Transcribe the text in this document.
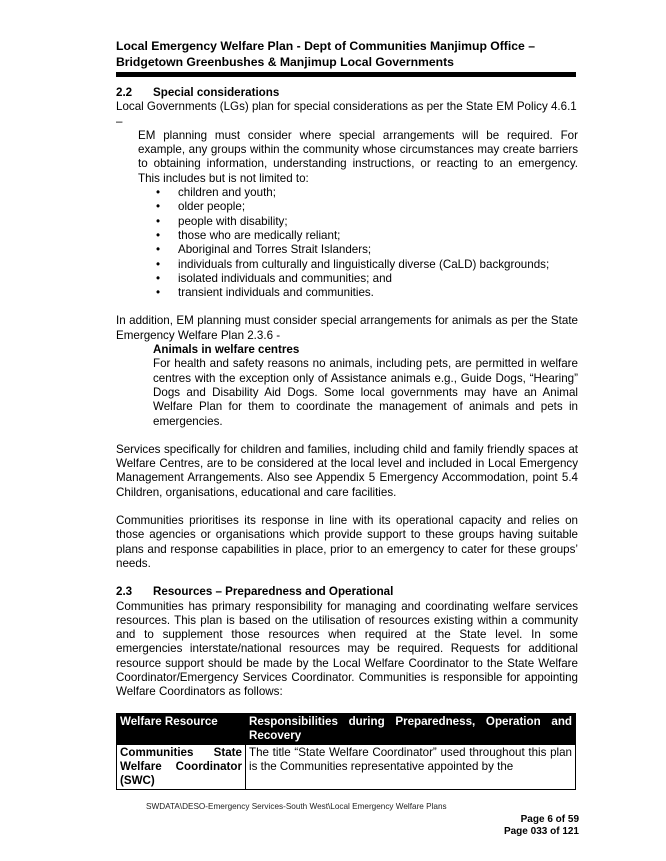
Local Emergency Welfare Plan - Dept of Communities Manjimup Office –
Bridgetown Greenbushes & Manjimup Local Governments

2.2 Special considerations

Local Governments (LGs) plan for special considerations as per the State EM Policy 4.6.1 –

EM planning must consider where special arrangements will be required. For example, any groups within the community whose circumstances may create barriers to obtaining information, understanding instructions, or reacting to an emergency. This includes but is not limited to:

• children and youth;
• older people;
• people with disability;
• those who are medically reliant;
• Aboriginal and Torres Strait Islanders;
• individuals from culturally and linguistically diverse (CaLD) backgrounds;
• isolated individuals and communities; and
• transient individuals and communities.

In addition, EM planning must consider special arrangements for animals as per the State Emergency Welfare Plan 2.3.6 -

Animals in welfare centres

For health and safety reasons no animals, including pets, are permitted in welfare centres with the exception only of Assistance animals e.g., Guide Dogs, “Hearing” Dogs and Disability Aid Dogs. Some local governments may have an Animal Welfare Plan for them to coordinate the management of animals and pets in emergencies.

Services specifically for children and families, including child and family friendly spaces at Welfare Centres, are to be considered at the local level and included in Local Emergency Management Arrangements. Also see Appendix 5 Emergency Accommodation, point 5.4 Children, organisations, educational and care facilities.

Communities prioritises its response in line with its operational capacity and relies on those agencies or organisations which provide support to these groups having suitable plans and response capabilities in place, prior to an emergency to cater for these groups’ needs.

2.3 Resources – Preparedness and Operational

Communities has primary responsibility for managing and coordinating welfare services resources. This plan is based on the utilisation of resources existing within a community and to supplement those resources when required at the State level. In some emergencies interstate/national resources may be required. Requests for additional resource support should be made by the Local Welfare Coordinator to the State Welfare Coordinator/Emergency Services Coordinator. Communities is responsible for appointing Welfare Coordinators as follows:

Welfare Resource	Responsibilities during Preparedness, Operation and Recovery
Communities State Welfare Coordinator (SWC)	The title “State Welfare Coordinator” used throughout this plan is the Communities representative appointed by the
SWDATA\DESO-Emergency Services-South West\Local Emergency Welfare Plans
Page 6 of 59
Page 033 of 121
